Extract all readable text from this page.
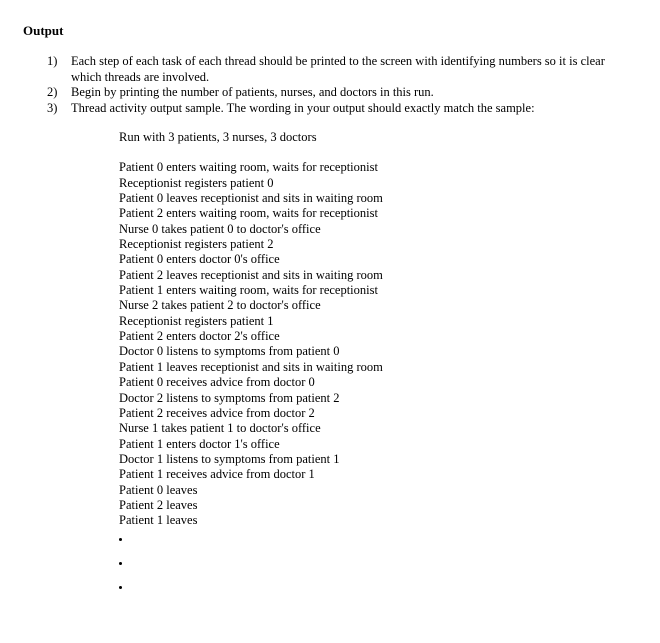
Output
1)	Each step of each task of each thread should be printed to the screen with identifying numbers so it is clear which threads are involved.
2)	Begin by printing the number of patients, nurses, and doctors in this run.
3)	Thread activity output sample. The wording in your output should exactly match the sample:
Run with 3 patients, 3 nurses, 3 doctors
Patient 0 enters waiting room, waits for receptionist
Receptionist registers patient 0
Patient 0 leaves receptionist and sits in waiting room
Patient 2 enters waiting room, waits for receptionist
Nurse 0 takes patient 0 to doctor's office
Receptionist registers patient 2
Patient 0 enters doctor 0's office
Patient 2 leaves receptionist and sits in waiting room
Patient 1 enters waiting room, waits for receptionist
Nurse 2 takes patient 2 to doctor's office
Receptionist registers patient 1
Patient 2 enters doctor 2's office
Doctor 0 listens to symptoms from patient 0
Patient 1 leaves receptionist and sits in waiting room
Patient 0 receives advice from doctor 0
Doctor 2 listens to symptoms from patient 2
Patient 2 receives advice from doctor 2
Nurse 1 takes patient 1 to doctor's office
Patient 1 enters doctor 1's office
Doctor 1 listens to symptoms from patient 1
Patient 1 receives advice from doctor 1
Patient 0 leaves
Patient 2 leaves
Patient 1 leaves
